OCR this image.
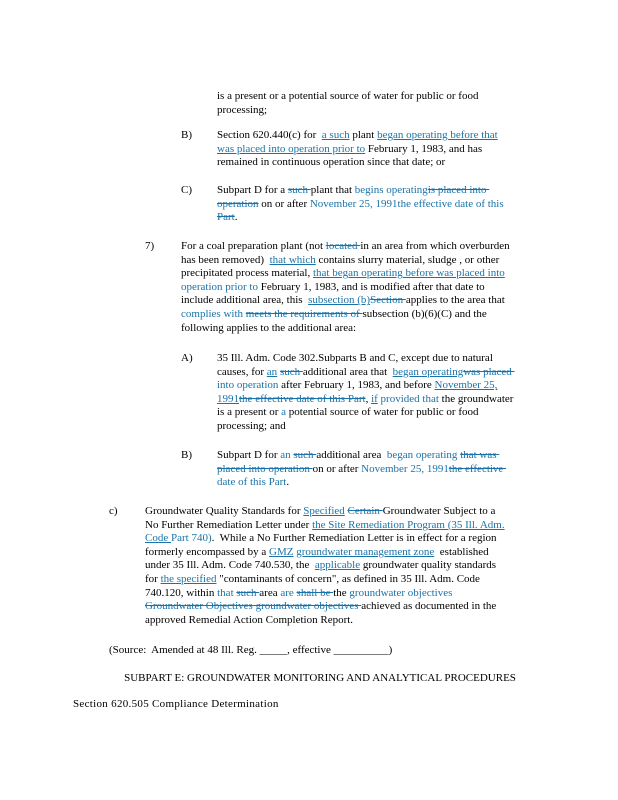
is a present or a potential source of water for public or food
processing;
B) Section 620.440(c) for  a such plant began operating before that
was placed into operation prior to February 1, 1983, and has
remained in continuous operation since that date; or
C) Subpart D for a such plant that begins operatingis placed into
operation on or after November 25, 1991the effective date of this
Part.
7) For a coal preparation plant (not located in an area from which overburden
has been removed)  that which contains slurry material, sludge , or other
precipitated process material, that began operating before was placed into
operation prior to February 1, 1983, and is modified after that date to
include additional area, this  subsection (b)Section applies to the area that
complies with meets the requirements of subsection (b)(6)(C) and the
following applies to the additional area:
A) 35 Ill. Adm. Code 302.Subparts B and C, except due to natural
causes, for an such additional area that  began operatingwas placed
into operation after February 1, 1983, and before November 25,
1991the effective date of this Part, if provided that the groundwater
is a present or a potential source of water for public or food
processing; and
B) Subpart D for an such additional area  began operating that was
placed into operation on or after November 25, 1991the effective
date of this Part.
c) Groundwater Quality Standards for Specified Certain Groundwater Subject to a
No Further Remediation Letter under the Site Remediation Program (35 Ill. Adm.
Code Part 740).  While a No Further Remediation Letter is in effect for a region
formerly encompassed by a GMZ groundwater management zone  established
under 35 Ill. Adm. Code 740.530, the  applicable groundwater quality standards
for the specified "contaminants of concern", as defined in 35 Ill. Adm. Code
740.120, within that such area are shall be the groundwater objectives
Groundwater Objectives groundwater objectives achieved as documented in the
approved Remedial Action Completion Report.
(Source:  Amended at 48 Ill. Reg. _____, effective __________)
SUBPART E: GROUNDWATER MONITORING AND ANALYTICAL PROCEDURES
Section 620.505 Compliance Determination
